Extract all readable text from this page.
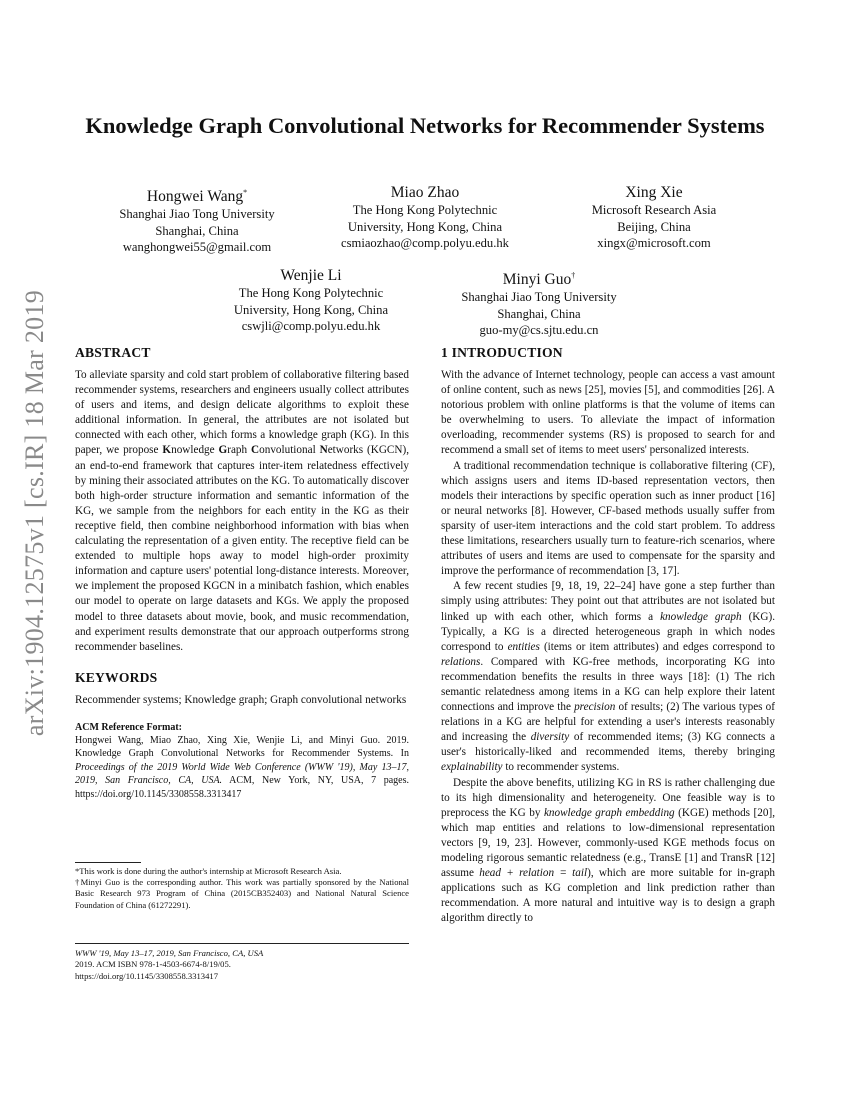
arXiv:1904.12575v1 [cs.IR] 18 Mar 2019
Knowledge Graph Convolutional Networks for Recommender Systems
Hongwei Wang*
Shanghai Jiao Tong University
Shanghai, China
wanghongwei55@gmail.com
Miao Zhao
The Hong Kong Polytechnic
University, Hong Kong, China
csmiaozhao@comp.polyu.edu.hk
Xing Xie
Microsoft Research Asia
Beijing, China
xingx@microsoft.com
Wenjie Li
The Hong Kong Polytechnic
University, Hong Kong, China
cswjli@comp.polyu.edu.hk
Minyi Guo†
Shanghai Jiao Tong University
Shanghai, China
guo-my@cs.sjtu.edu.cn
ABSTRACT

To alleviate sparsity and cold start problem of collaborative filtering based recommender systems, researchers and engineers usually collect attributes of users and items, and design delicate algorithms to exploit these additional information. In general, the attributes are not isolated but connected with each other, which forms a knowledge graph (KG). In this paper, we propose Knowledge Graph Convolutional Networks (KGCN), an end-to-end framework that captures inter-item relatedness effectively by mining their associated attributes on the KG. To automatically discover both high-order structure information and semantic information of the KG, we sample from the neighbors for each entity in the KG as their receptive field, then combine neighborhood information with bias when calculating the representation of a given entity. The receptive field can be extended to multiple hops away to model high-order proximity information and capture users' potential long-distance interests. Moreover, we implement the proposed KGCN in a minibatch fashion, which enables our model to operate on large datasets and KGs. We apply the proposed model to three datasets about movie, book, and music recommendation, and experiment results demonstrate that our approach outperforms strong recommender baselines.

KEYWORDS

Recommender systems; Knowledge graph; Graph convolutional networks

ACM Reference Format:

Hongwei Wang, Miao Zhao, Xing Xie, Wenjie Li, and Minyi Guo. 2019. Knowledge Graph Convolutional Networks for Recommender Systems. In Proceedings of the 2019 World Wide Web Conference (WWW '19), May 13–17, 2019, San Francisco, CA, USA. ACM, New York, NY, USA, 7 pages. https://doi.org/10.1145/3308558.3313417

*This work is done during the author's internship at Microsoft Research Asia.

†Minyi Guo is the corresponding author. This work was partially sponsored by the National Basic Research 973 Program of China (2015CB352403) and National Natural Science Foundation of China (61272291).

WWW '19, May 13–17, 2019, San Francisco, CA, USA

2019. ACM ISBN 978-1-4503-6674-8/19/05.

https://doi.org/10.1145/3308558.3313417

1 INTRODUCTION

With the advance of Internet technology, people can access a vast amount of online content, such as news [25], movies [5], and commodities [26]. A notorious problem with online platforms is that the volume of items can be overwhelming to users. To alleviate the impact of information overloading, recommender systems (RS) is proposed to search for and recommend a small set of items to meet users' personalized interests.

A traditional recommendation technique is collaborative filtering (CF), which assigns users and items ID-based representation vectors, then models their interactions by specific operation such as inner product [16] or neural networks [8]. However, CF-based methods usually suffer from sparsity of user-item interactions and the cold start problem. To address these limitations, researchers usually turn to feature-rich scenarios, where attributes of users and items are used to compensate for the sparsity and improve the performance of recommendation [3, 17].

A few recent studies [9, 18, 19, 22–24] have gone a step further than simply using attributes: They point out that attributes are not isolated but linked up with each other, which forms a knowledge graph (KG). Typically, a KG is a directed heterogeneous graph in which nodes correspond to entities (items or item attributes) and edges correspond to relations. Compared with KG-free methods, incorporating KG into recommendation benefits the results in three ways [18]: (1) The rich semantic relatedness among items in a KG can help explore their latent connections and improve the precision of results; (2) The various types of relations in a KG are helpful for extending a user's interests reasonably and increasing the diversity of recommended items; (3) KG connects a user's historically-liked and recommended items, thereby bringing explainability to recommender systems.

Despite the above benefits, utilizing KG in RS is rather challenging due to its high dimensionality and heterogeneity. One feasible way is to preprocess the KG by knowledge graph embedding (KGE) methods [20], which map entities and relations to low-dimensional representation vectors [9, 19, 23]. However, commonly-used KGE methods focus on modeling rigorous semantic relatedness (e.g., TransE [1] and TransR [12] assume head + relation = tail), which are more suitable for in-graph applications such as KG completion and link prediction rather than recommendation. A more natural and intuitive way is to design a graph algorithm directly to
